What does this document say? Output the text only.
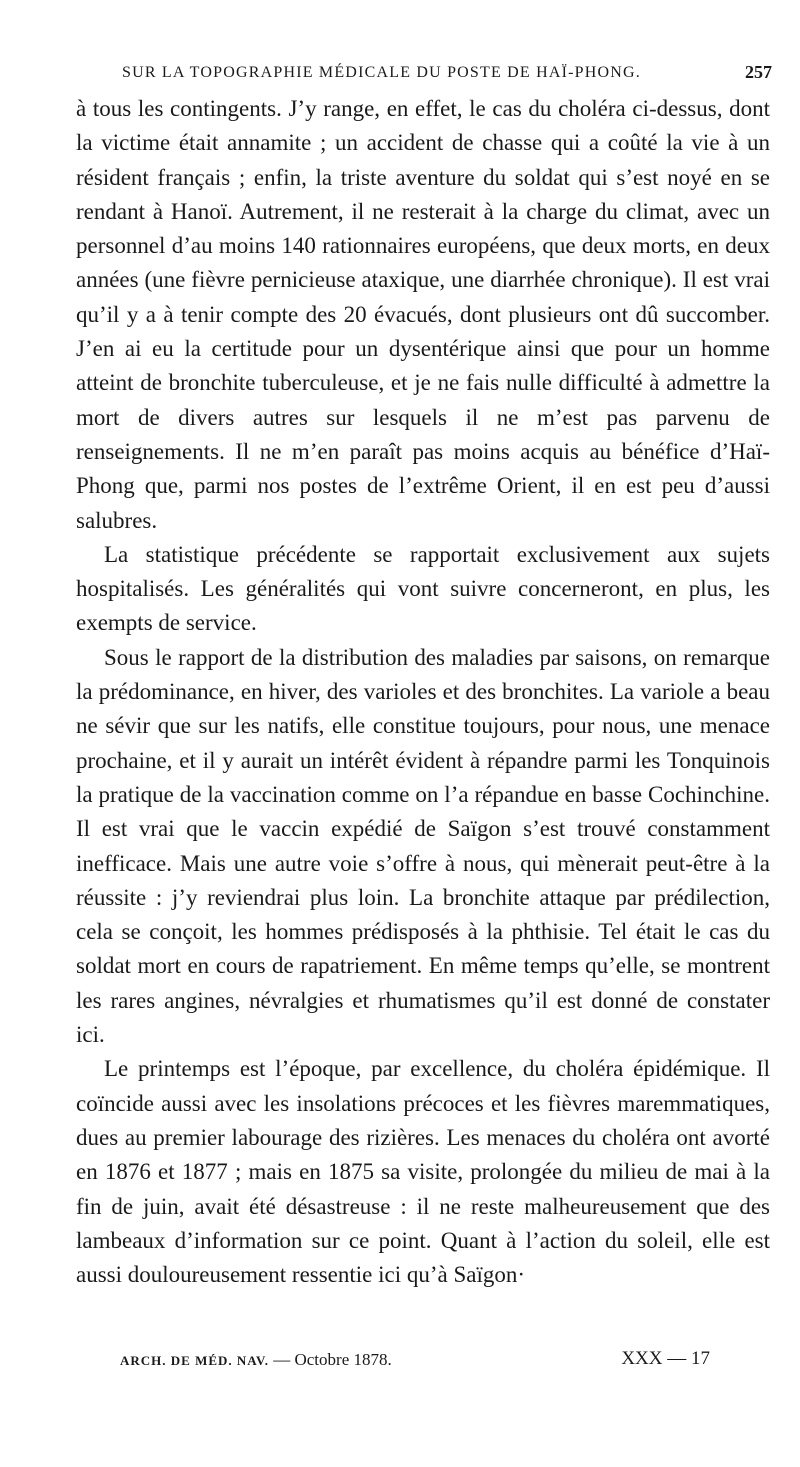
SUR LA TOPOGRAPHIE MÉDICALE DU POSTE DE HAÏ-PHONG.	257

à tous les contingents. J’y range, en effet, le cas du choléra ci-dessus, dont la victime était annamite ; un accident de chasse qui a coûté la vie à un résident français ; enfin, la triste aventure du soldat qui s’est noyé en se rendant à Hanoï. Autrement, il ne resterait à la charge du climat, avec un personnel d’au moins 140 rationnaires européens, que deux morts, en deux années (une fièvre pernicieuse ataxique, une diarrhée chronique). Il est vrai qu’il y a à tenir compte des 20 évacués, dont plusieurs ont dû succomber. J’en ai eu la certitude pour un dysentérique ainsi que pour un homme atteint de bronchite tuberculeuse, et je ne fais nulle difficulté à admettre la mort de divers autres sur lesquels il ne m’est pas parvenu de renseignements. Il ne m’en paraît pas moins acquis au bénéfice d’Haï-Phong que, parmi nos postes de l’extrême Orient, il en est peu d’aussi salubres.

La statistique précédente se rapportait exclusivement aux sujets hospitalisés. Les généralités qui vont suivre concerneront, en plus, les exempts de service.

Sous le rapport de la distribution des maladies par saisons, on remarque la prédominance, en hiver, des varioles et des bronchites. La variole a beau ne sévir que sur les natifs, elle constitue toujours, pour nous, une menace prochaine, et il y aurait un intérêt évident à répandre parmi les Tonquinois la pratique de la vaccination comme on l’a répandue en basse Cochinchine. Il est vrai que le vaccin expédié de Saïgon s’est trouvé constamment inefficace. Mais une autre voie s’offre à nous, qui mènerait peut-être à la réussite : j’y reviendrai plus loin. La bronchite attaque par prédilection, cela se conçoit, les hommes prédisposés à la phthisie. Tel était le cas du soldat mort en cours de rapatriement. En même temps qu’elle, se montrent les rares angines, névralgies et rhumatismes qu’il est donné de constater ici.

Le printemps est l’époque, par excellence, du choléra épidémique. Il coïncide aussi avec les insolations précoces et les fièvres maremmatiques, dues au premier labourage des rizières. Les menaces du choléra ont avorté en 1876 et 1877 ; mais en 1875 sa visite, prolongée du milieu de mai à la fin de juin, avait été désastreuse : il ne reste malheureusement que des lambeaux d’information sur ce point. Quant à l’action du soleil, elle est aussi douloureusement ressentie ici qu’à Saïgon·

ARCH. DE MÉD. NAV. — Octobre 1878.	XXX — 17
